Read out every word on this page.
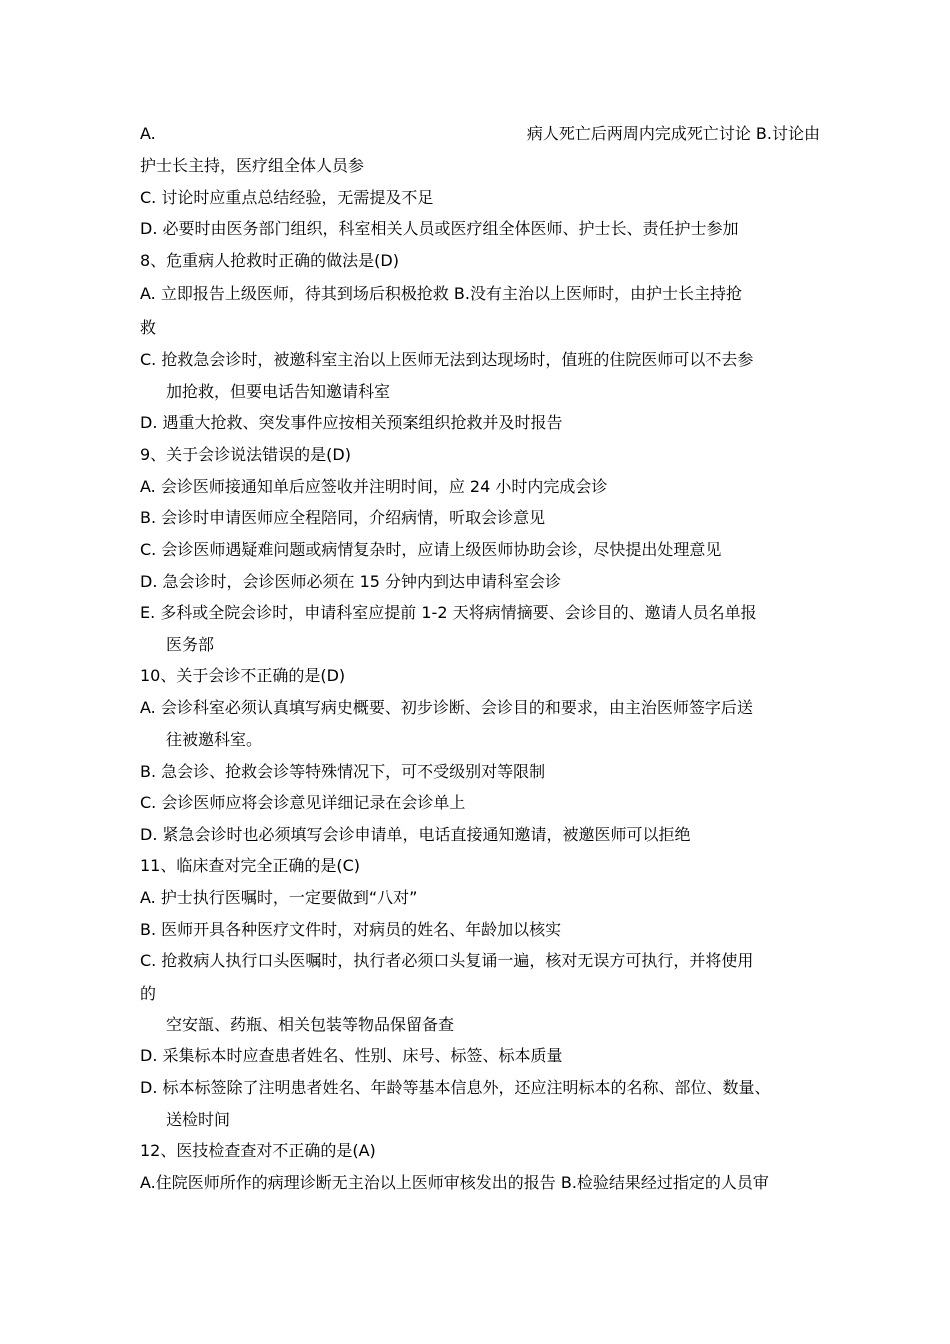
A.	病人死亡后两周内完成死亡讨论 B.讨论由
护士长主持，医疗组全体人员参
C. 讨论时应重点总结经验，无需提及不足
D. 必要时由医务部门组织，科室相关人员或医疗组全体医师、护士长、责任护士参加
8、危重病人抢救时正确的做法是(D)
A. 立即报告上级医师，待其到场后积极抢救 B.没有主治以上医师时，由护士长主持抢
救
C. 抢救急会诊时，被邀科室主治以上医师无法到达现场时，值班的住院医师可以不去参
加抢救，但要电话告知邀请科室
D. 遇重大抢救、突发事件应按相关预案组织抢救并及时报告
9、关于会诊说法错误的是(D)
A. 会诊医师接通知单后应签收并注明时间，应 24 小时内完成会诊
B. 会诊时申请医师应全程陪同，介绍病情，听取会诊意见
C. 会诊医师遇疑难问题或病情复杂时，应请上级医师协助会诊，尽快提出处理意见
D. 急会诊时，会诊医师必须在 15 分钟内到达申请科室会诊
E. 多科或全院会诊时，申请科室应提前 1-2 天将病情摘要、会诊目的、邀请人员名单报
医务部
10、关于会诊不正确的是(D)
A. 会诊科室必须认真填写病史概要、初步诊断、会诊目的和要求，由主治医师签字后送
往被邀科室。
B. 急会诊、抢救会诊等特殊情况下，可不受级别对等限制
C. 会诊医师应将会诊意见详细记录在会诊单上
D. 紧急会诊时也必须填写会诊申请单，电话直接通知邀请，被邀医师可以拒绝
11、临床查对完全正确的是(C)
A. 护士执行医嘱时，一定要做到“八对”
B. 医师开具各种医疗文件时，对病员的姓名、年龄加以核实
C. 抢救病人执行口头医嘱时，执行者必须口头复诵一遍，核对无误方可执行，并将使用
的
空安瓿、药瓶、相关包装等物品保留备查
D. 采集标本时应查患者姓名、性别、床号、标签、标本质量
D. 标本标签除了注明患者姓名、年龄等基本信息外，还应注明标本的名称、部位、数量、
送检时间
12、医技检查查对不正确的是(A)
A.住院医师所作的病理诊断无主治以上医师审核发出的报告 B.检验结果经过指定的人员审
